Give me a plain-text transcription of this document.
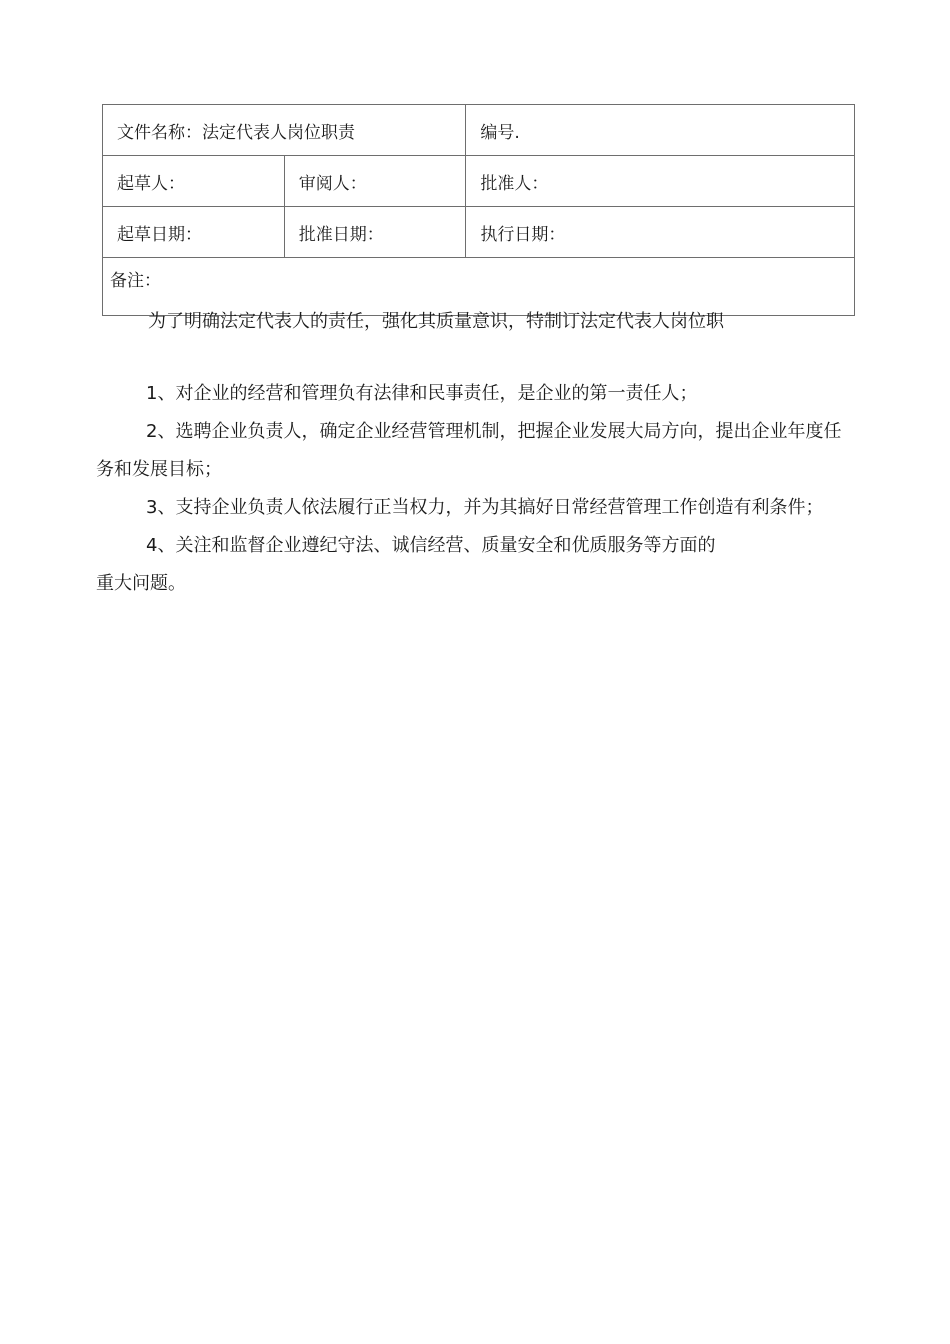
文件名称：法定代表人岗位职责		编号.
起草人：	审阅人：	批准人：
起草日期：	批准日期：	执行日期：
备注：		

为了明确法定代表人的责任，强化其质量意识，特制订法定代表人岗位职

1、对企业的经营和管理负有法律和民事责任，是企业的第一责任人；

2、选聘企业负责人，确定企业经营管理机制，把握企业发展大局方向，提出企业年度任务和发展目标；

3、支持企业负责人依法履行正当权力，并为其搞好日常经营管理工作创造有利条件；

4、关注和监督企业遵纪守法、诚信经营、质量安全和优质服务等方面的

重大问题。
